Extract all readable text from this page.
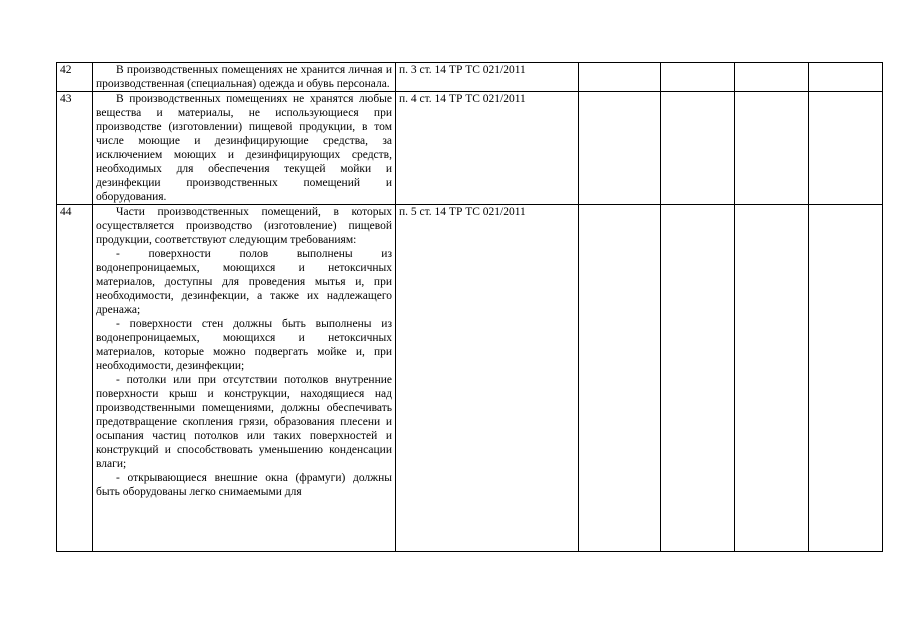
42	В производственных помещениях не хранится личная и производственная (специальная) одежда и обувь персонала.	п. 3 ст. 14 ТР ТС 021/2011				
43	В производственных помещениях не хранятся любые вещества и материалы, не использующиеся при производстве (изготовлении) пищевой продукции, в том числе моющие и дезинфицирующие средства, за исключением моющих и дезинфицирующих средств, необходимых для обеспечения текущей мойки и дезинфекции производственных помещений и оборудования.	п. 4 ст. 14 ТР ТС 021/2011				
44	Части производственных помещений, в которых осуществляется производство (изготовление) пищевой продукции, соответствуют следующим требованиям:

- поверхности полов выполнены из водонепроницаемых, моющихся и нетоксичных материалов, доступны для проведения мытья и, при необходимости, дезинфекции, а также их надлежащего дренажа;

- поверхности стен должны быть выполнены из водонепроницаемых, моющихся и нетоксичных материалов, которые можно подвергать мойке и, при необходимости, дезинфекции;

- потолки или при отсутствии потолков внутренние поверхности крыш и конструкции, находящиеся над производственными помещениями, должны обеспечивать предотвращение скопления грязи, образования плесени и осыпания частиц потолков или таких поверхностей и конструкций и способствовать уменьшению конденсации влаги;

- открывающиеся внешние окна (фрамуги) должны быть оборудованы легко снимаемыми для	п. 5 ст. 14 ТР ТС 021/2011				
